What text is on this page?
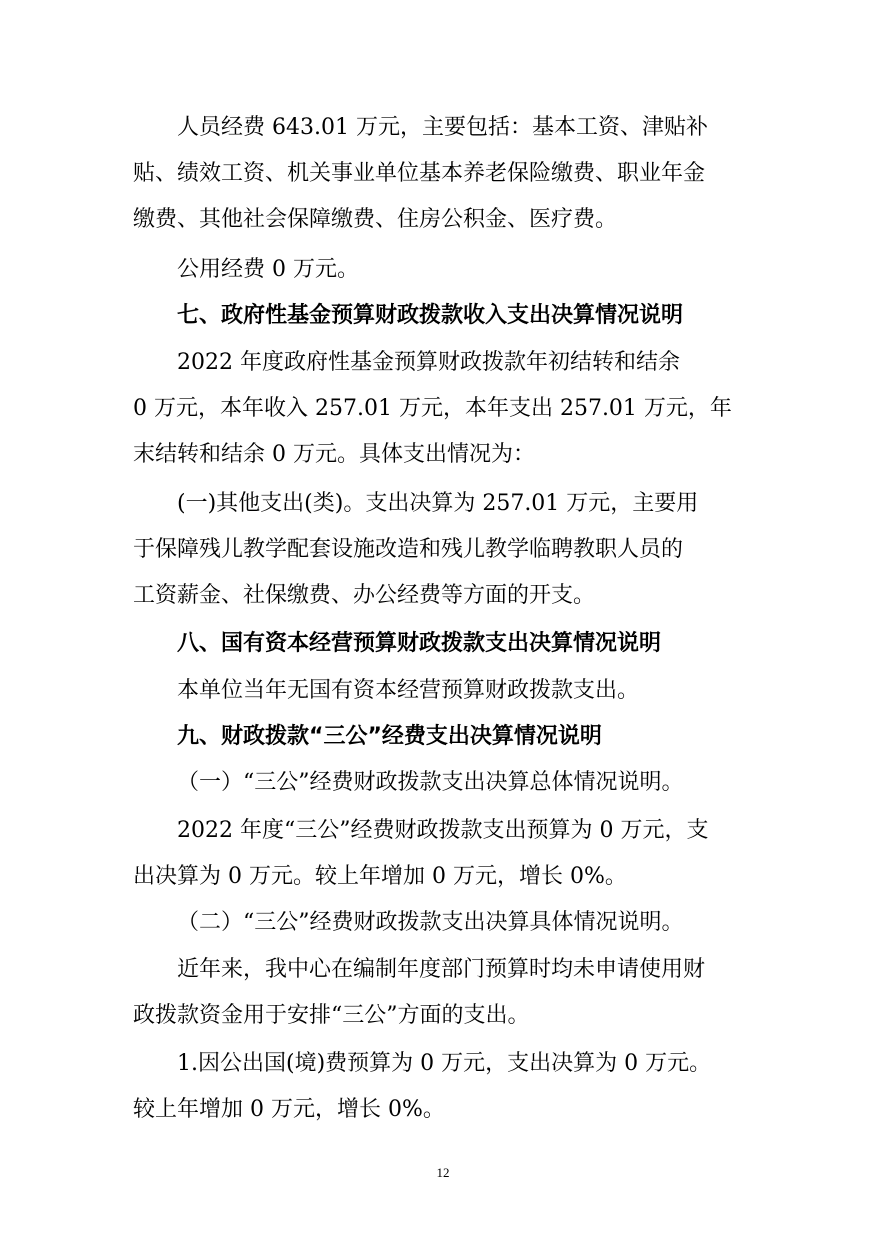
人员经费 643.01 万元，主要包括：基本工资、津贴补
贴、绩效工资、机关事业单位基本养老保险缴费、职业年金
缴费、其他社会保障缴费、住房公积金、医疗费。

公用经费 0 万元。

七、政府性基金预算财政拨款收入支出决算情况说明

2022 年度政府性基金预算财政拨款年初结转和结余
0 万元，本年收入 257.01 万元，本年支出 257.01 万元，年
末结转和结余 0 万元。具体支出情况为：

(一)其他支出(类)。支出决算为 257.01 万元，主要用
于保障残儿教学配套设施改造和残儿教学临聘教职人员的
工资薪金、社保缴费、办公经费等方面的开支。

八、国有资本经营预算财政拨款支出决算情况说明

本单位当年无国有资本经营预算财政拨款支出。

九、财政拨款“三公”经费支出决算情况说明

（一）“三公”经费财政拨款支出决算总体情况说明。

2022 年度“三公”经费财政拨款支出预算为 0 万元，支
出决算为 0 万元。较上年增加 0 万元，增长 0%。

（二）“三公”经费财政拨款支出决算具体情况说明。

近年来，我中心在编制年度部门预算时均未申请使用财
政拨款资金用于安排“三公”方面的支出。

1.因公出国(境)费预算为 0 万元，支出决算为 0 万元。
较上年增加 0 万元，增长 0%。

12
